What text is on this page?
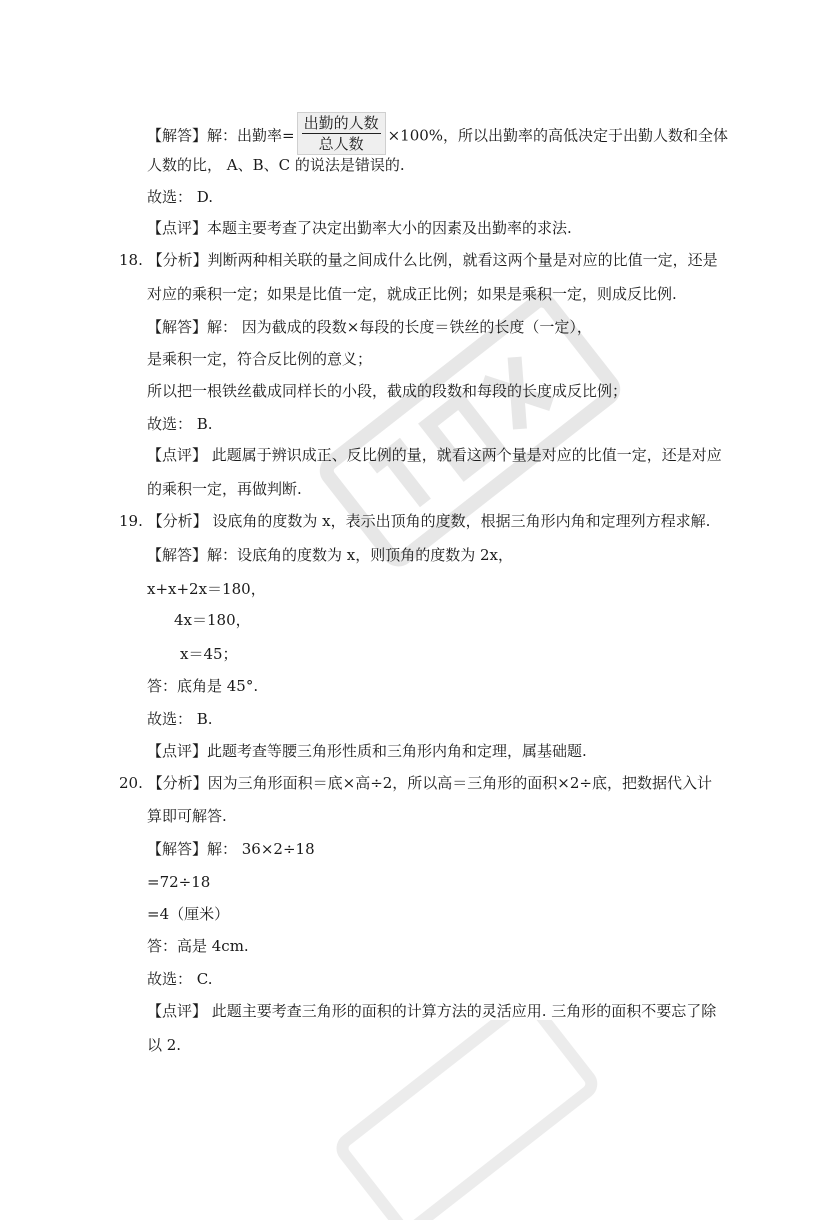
【解答】解：出勤率= $\frac{\text{出勤的人数}}{\text{总人数}} \times 100\%$，所以出勤率的高低决定于出勤人数和全体
人数的比， A、B、C 的说法是错误的.
故选： D.
【点评】本题主要考查了决定出勤率大小的因素及出勤率的求法.
18. 【分析】判断两种相关联的量之间成什么比例，就看这两个量是对应的比值一定，还是
对应的乘积一定；如果是比值一定，就成正比例；如果是乘积一定，则成反比例.
【解答】解： 因为截成的段数×每段的长度＝铁丝的长度（一定），
是乘积一定，符合反比例的意义；
所以把一根铁丝截成同样长的小段，截成的段数和每段的长度成反比例；
故选： B.
【点评】 此题属于辨识成正、反比例的量，就看这两个量是对应的比值一定，还是对应
的乘积一定，再做判断.
19. 【分析】 设底角的度数为 x，表示出顶角的度数，根据三角形内角和定理列方程求解.
【解答】解：设底角的度数为 x，则顶角的度数为 2x，
x+x+2x＝180，
4x＝180，
x＝45；
答：底角是 45°.
故选： B.
【点评】此题考查等腰三角形性质和三角形内角和定理，属基础题.
20. 【分析】因为三角形面积＝底×高÷2，所以高＝三角形的面积×2÷底，把数据代入计
算即可解答.
【解答】解： 36×2÷18
=72÷18
=4（厘米）
答：高是 4cm.
故选： C.
【点评】 此题主要考查三角形的面积的计算方法的灵活应用. 三角形的面积不要忘了除
以 2.
